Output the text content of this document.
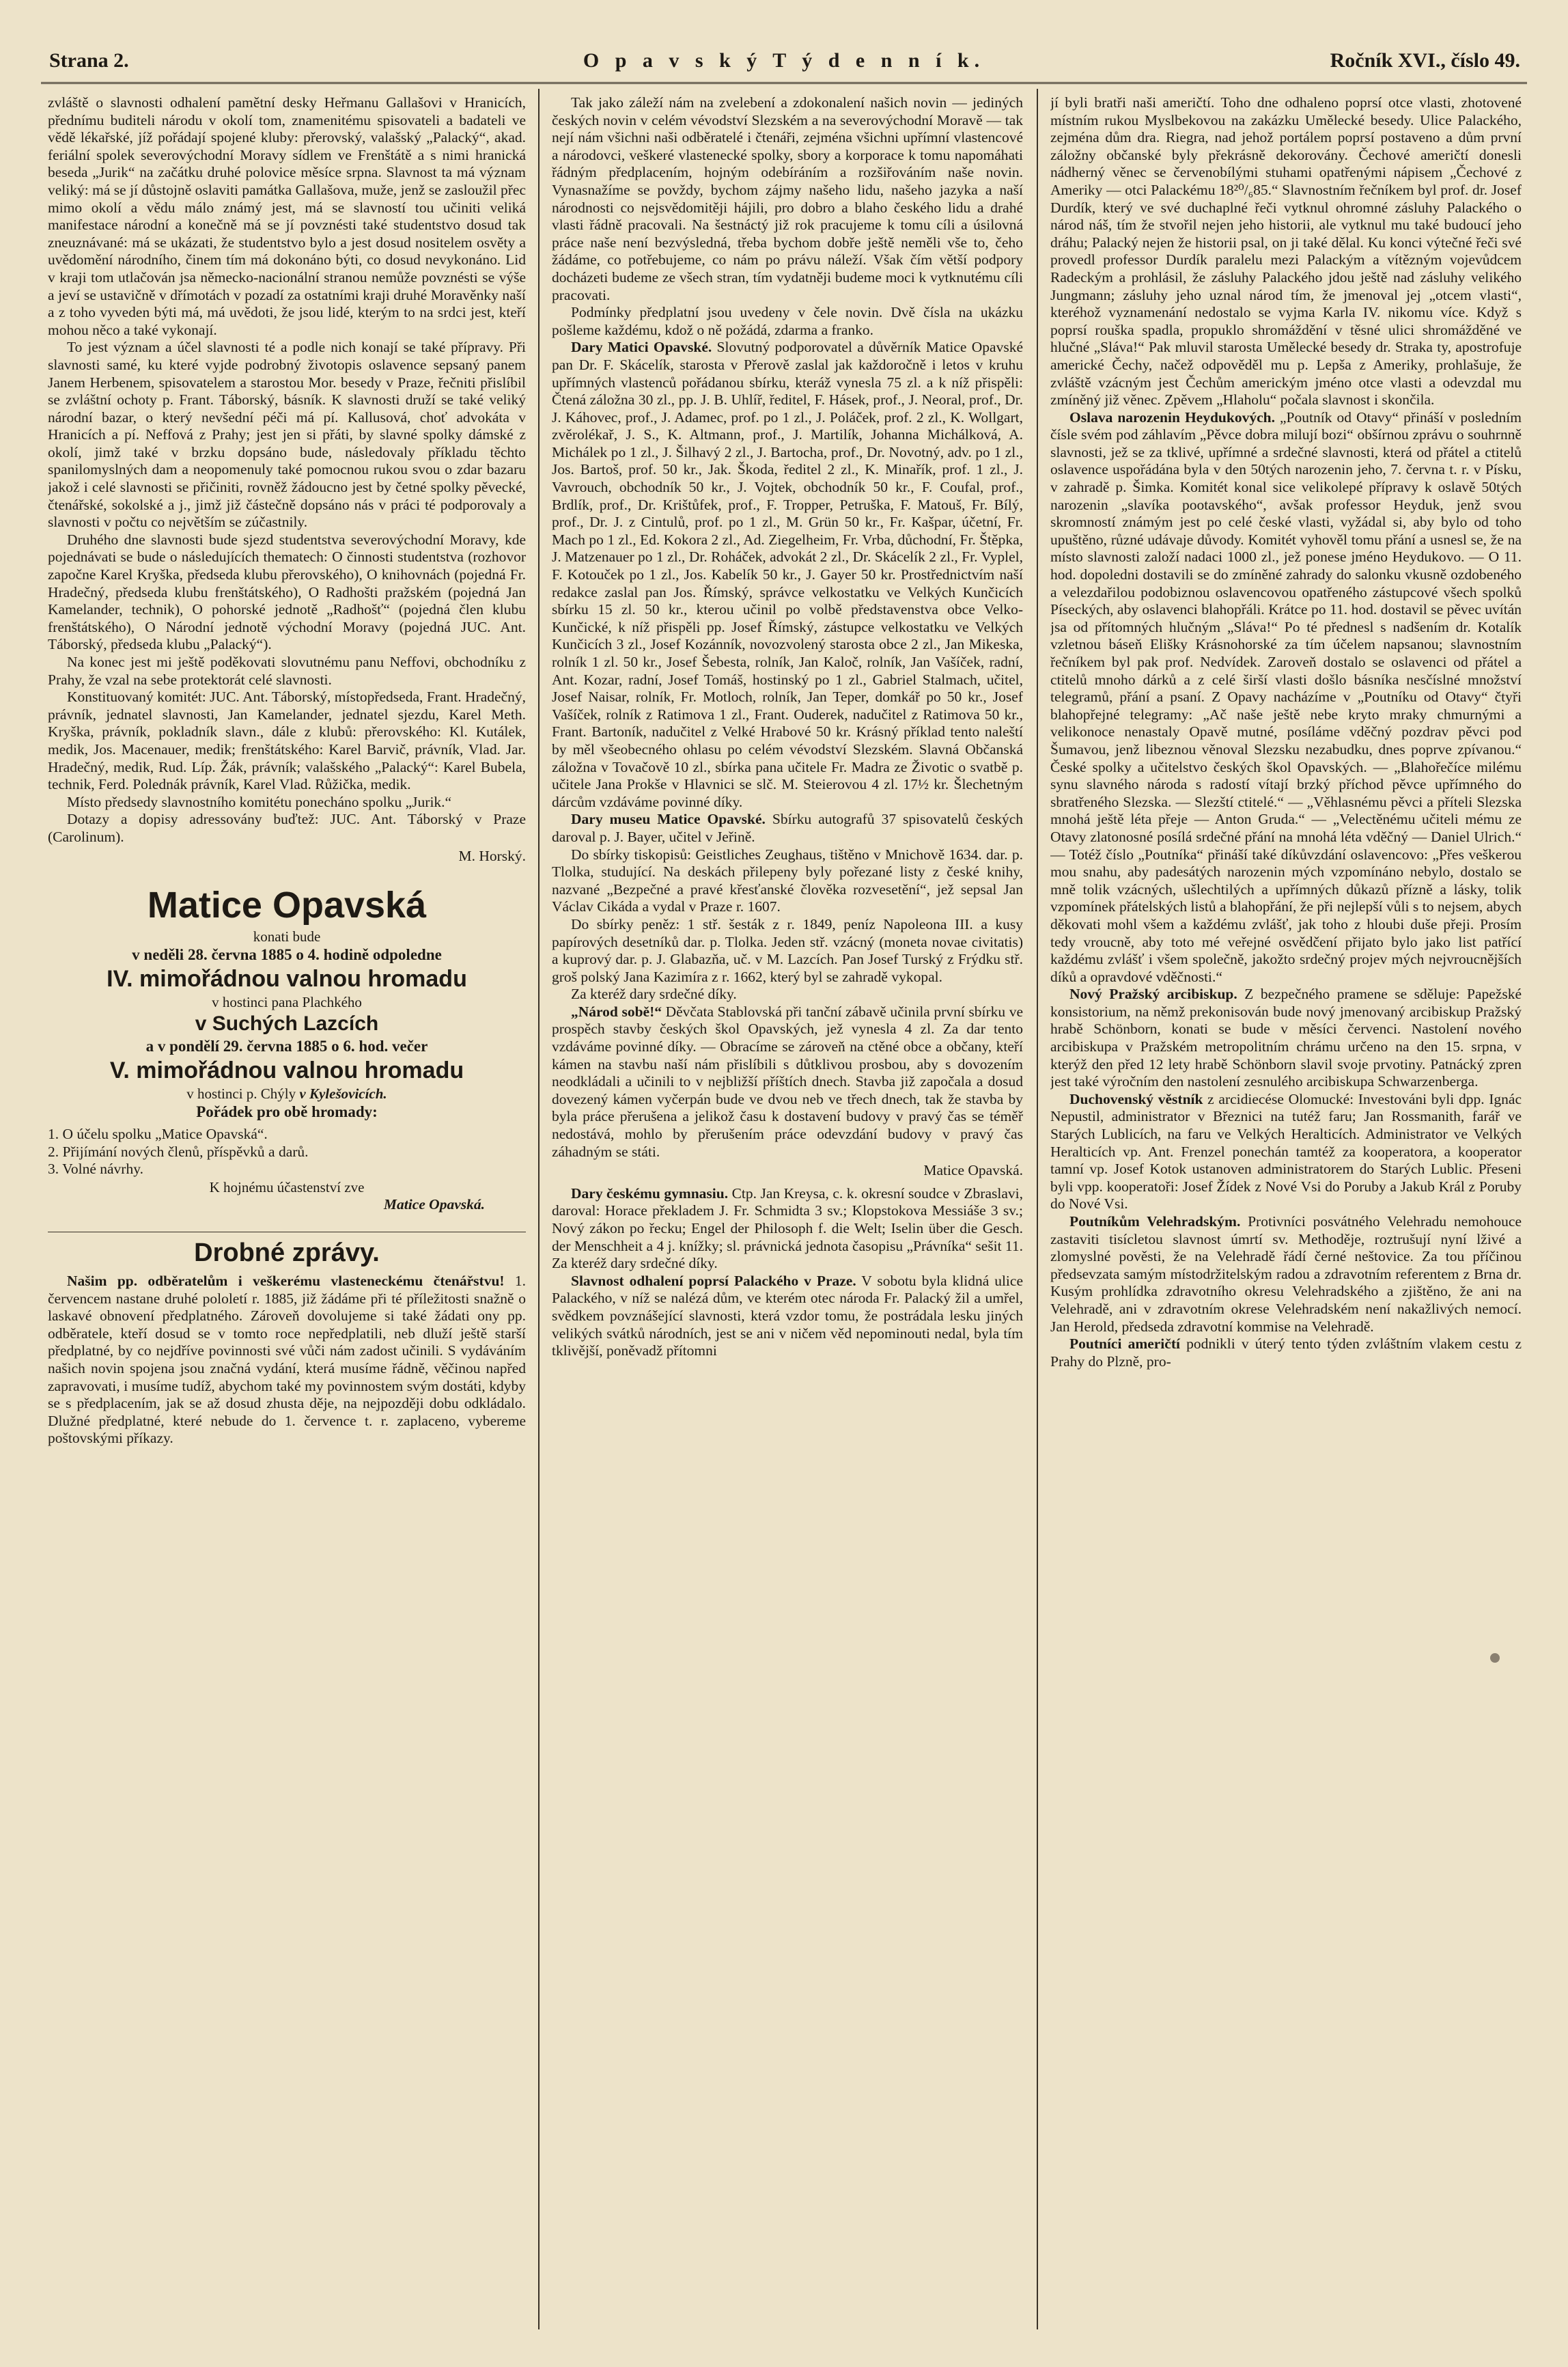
Strana 2.	O p a v s k ý T ý d e n n í k.	Ročník XVI., číslo 49.

zvláště o slavnosti odhalení pamětní desky Heřmanu Gallašovi v Hranicích, přednímu buditeli národu v okolí tom, znamenitému spisovateli a badateli ve vědě lékařské, jíž pořádají spojené kluby: přerovský, valašský „Palacký“, akad. feriální spolek severovýchodní Moravy sídlem ve Frenštátě a s nimi hranická beseda „Jurik“ na začátku druhé polovice měsíce srpna. Slavnost ta má význam veliký: má se jí důstojně oslaviti památka Gallašova, muže, jenž se zasloužil přec mimo okolí a vědu málo známý jest, má se slavností tou učiniti veliká manifestace národní a konečně má se jí povznésti také studentstvo dosud tak zneuznávané: má se ukázati, že studentstvo bylo a jest dosud nositelem osvěty a uvědomění národního, činem tím má dokonáno býti, co dosud nevykonáno. Lid v kraji tom utlačován jsa německo-nacionální stranou nemůže povznésti se výše a jeví se ustavičně v dřímotách v pozadí za ostatními kraji druhé Moravěnky naší a z toho vyveden býti má, má uvědoti, že jsou lidé, kterým to na srdci jest, kteří mohou něco a také vykonají.

To jest význam a účel slavnosti té a podle nich konají se také přípravy. Při slavnosti samé, ku které vyjde podrobný životopis oslavence sepsaný panem Janem Herbenem, spisovatelem a starostou Mor. besedy v Praze, řečniti přislíbil se zvláštní ochoty p. Frant. Táborský, básník. K slavnosti druží se také veliký národní bazar, o který nevšední péči má pí. Kallusová, choť advokáta v Hranicích a pí. Neffová z Prahy; jest jen si přáti, by slavné spolky dámské z okolí, jimž také v brzku dopsáno bude, následovaly příkladu těchto spanilomyslných dam a neopomenuly také pomocnou rukou svou o zdar bazaru jakož i celé slavnosti se přičiniti, rovněž žádoucno jest by četné spolky pěvecké, čtenářské, sokolské a j., jimž již částečně dopsáno nás v práci té podporovaly a slavnosti v počtu co největším se zúčastnily.

Druhého dne slavnosti bude sjezd studentstva severovýchodní Moravy, kde pojednávati se bude o následujících thematech: O činnosti studentstva (rozhovor započne Karel Kryška, předseda klubu přerovského), O knihovnách (pojedná Fr. Hradečný, předseda klubu frenštátského), O Radhošti pražském (pojedná Jan Kamelander, technik), O pohorské jednotě „Radhošť“ (pojedná člen klubu frenštátského), O Národní jednotě východní Moravy (pojedná JUC. Ant. Táborský, předseda klubu „Palacký“).

Na konec jest mi ještě poděkovati slovutnému panu Neffovi, obchodníku z Prahy, že vzal na sebe protektorát celé slavnosti.

Konstituovaný komitét: JUC. Ant. Táborský, místopředseda, Frant. Hradečný, právník, jednatel slavnosti, Jan Kamelander, jednatel sjezdu, Karel Meth. Kryška, právník, pokladník slavn., dále z klubů: přerovského: Kl. Kutálek, medik, Jos. Macenauer, medik; frenštátského: Karel Barvič, právník, Vlad. Jar. Hradečný, medik, Rud. Líp. Žák, právník; valašského „Palacký“: Karel Bubela, technik, Ferd. Polednák právník, Karel Vlad. Růžička, medik.

Místo předsedy slavnostního komitétu ponecháno spolku „Jurik.“

Dotazy a dopisy adressovány buďtež: JUC. Ant. Táborský v Praze (Carolinum).

M. Horský.
Matice Opavská
konati bude
v neděli 28. června 1885 o 4. hodině odpoledne
IV. mimořádnou valnou hromadu
v hostinci pana Plachkého
v Suchých Lazcích
a v pondělí 29. června 1885 o 6. hod. večer
V. mimořádnou valnou hromadu
v hostinci p. Chýly v Kylešovicích.
Pořádek pro obě hromady:
1. O účelu spolku „Matice Opavská“.
2. Přijímání nových členů, příspěvků a darů.
3. Volné návrhy.
K hojnému účastenství zve
Matice Opavská.
Drobné zprávy.

Našim pp. odběratelům i veškerému vlasteneckému čtenářstvu! 1. červencem nastane druhé pololetí r. 1885, již žádáme při té příležitosti snažně o laskavé obnovení předplatného. Zároveň dovolujeme si také žádati ony pp. odběratele, kteří dosud se v tomto roce nepředplatili, neb dluží ještě starší předplatné, by co nejdříve povinnosti své vůči nám zadost učinili. S vydáváním našich novin spojena jsou značná vydání, která musíme řádně, věčinou napřed zapravovati, i musíme tudíž, abychom také my povinnostem svým dostáti, kdyby se s předplacením, jak se až dosud zhusta děje, na nejpozději dobu odkládalo. Dlužné předplatné, které nebude do 1. července t. r. zaplaceno, vybereme poštovskými příkazy.

Tak jako záleží nám na zvelebení a zdokonalení našich novin — jediných českých novin v celém vévodství Slezském a na severovýchodní Moravě — tak nejí nám všichni naši odběratelé i čtenáři, zejména všichni upřímní vlastencové a národovci, veškeré vlastenecké spolky, sbory a korporace k tomu napomáhati řádným předplacením, hojným odebíráním a rozšiřováním naše novin. Vynasnažíme se povždy, bychom zájmy našeho lidu, našeho jazyka a naší národnosti co nejsvědomitěji hájili, pro dobro a blaho českého lidu a drahé vlasti řádně pracovali. Na šestnáctý již rok pracujeme k tomu cíli a úsilovná práce naše není bezvýsledná, třeba bychom dobře ještě neměli vše to, čeho žádáme, co potřebujeme, co nám po právu náleží. Však čím větší podpory docházeti budeme ze všech stran, tím vydatněji budeme moci k vytknutému cíli pracovati.

Podmínky předplatní jsou uvedeny v čele novin. Dvě čísla na ukázku pošleme každému, kdož o ně požádá, zdarma a franko.

Dary Matici Opavské. Slovutný podporovatel a důvěrník Matice Opavské pan Dr. F. Skácelík, starosta v Přerově zaslal jak každoročně i letos v kruhu upřímných vlastenců pořádanou sbírku, kteráž vynesla 75 zl. a k níž přispěli: Čtená záložna 30 zl., pp. J. B. Uhlíř, ředitel, F. Hásek, prof., J. Neoral, prof., Dr. J. Káhovec, prof., J. Adamec, prof. po 1 zl., J. Poláček, prof. 2 zl., K. Wollgart, zvěrolékař, J. S., K. Altmann, prof., J. Martilík, Johanna Michálková, A. Michálek po 1 zl., J. Šilhavý 2 zl., J. Bartocha, prof., Dr. Novotný, adv. po 1 zl., Jos. Bartoš, prof. 50 kr., Jak. Škoda, ředitel 2 zl., K. Minařík, prof. 1 zl., J. Vavrouch, obchodník 50 kr., J. Vojtek, obchodník 50 kr., F. Coufal, prof., Brdlík, prof., Dr. Krištůfek, prof., F. Tropper, Petruška, F. Matouš, Fr. Bílý, prof., Dr. J. z Cintulů, prof. po 1 zl., M. Grün 50 kr., Fr. Kašpar, účetní, Fr. Mach po 1 zl., Ed. Kokora 2 zl., Ad. Ziegelheim, Fr. Vrba, důchodní, Fr. Štěpka, J. Matzenauer po 1 zl., Dr. Roháček, advokát 2 zl., Dr. Skácelík 2 zl., Fr. Vyplel, F. Kotouček po 1 zl., Jos. Kabelík 50 kr., J. Gayer 50 kr. Prostřednictvím naší redakce zaslal pan Jos. Římský, správce velkostatku ve Velkých Kunčicích sbírku 15 zl. 50 kr., kterou učinil po volbě představenstva obce Velko-Kunčické, k níž přispěli pp. Josef Římský, zástupce velkostatku ve Velkých Kunčicích 3 zl., Josef Kozánník, novozvolený starosta obce 2 zl., Jan Mikeska, rolník 1 zl. 50 kr., Josef Šebesta, rolník, Jan Kaloč, rolník, Jan Vašíček, radní, Ant. Kozar, radní, Josef Tomáš, hostinský po 1 zl., Gabriel Stalmach, učitel, Josef Naisar, rolník, Fr. Motloch, rolník, Jan Teper, domkář po 50 kr., Josef Vašíček, rolník z Ratimova 1 zl., Frant. Ouderek, nadučitel z Ratimova 50 kr., Frant. Bartoník, nadučitel z Velké Hrabové 50 kr. Krásný příklad tento naleští by měl všeobecného ohlasu po celém vévodství Slezském. Slavná Občanská záložna v Tovačově 10 zl., sbírka pana učitele Fr. Madra ze Životic o svatbě p. učitele Jana Prokše v Hlavnici se slč. M. Steierovou 4 zl. 17½ kr. Šlechetným dárcům vzdáváme povinné díky.

Dary museu Matice Opavské. Sbírku autografů 37 spisovatelů českých daroval p. J. Bayer, učitel v Jeřině.

Do sbírky tiskopisů: Geistliches Zeughaus, tištěno v Mnichově 1634. dar. p. Tlolka, studující. Na deskách přilepeny byly pořezané listy z české knihy, nazvané „Bezpečné a pravé křesťanské člověka rozvesetění“, jež sepsal Jan Václav Cikáda a vydal v Praze r. 1607.

Do sbírky peněz: 1 stř. šesták z r. 1849, peníz Napoleona III. a kusy papírových desetníků dar. p. Tlolka. Jeden stř. vzácný (moneta novae civitatis) a kuprový dar. p. J. Glabazňa, uč. v M. Lazcích. Pan Josef Turský z Frýdku stř. groš polský Jana Kazimíra z r. 1662, který byl se zahradě vykopal.

Za kteréž dary srdečné díky.

„Národ sobě!“ Děvčata Stablovská při tanční zábavě učinila první sbírku ve prospěch stavby českých škol Opavských, jež vynesla 4 zl. Za dar tento vzdáváme povinné díky. — Obracíme se zároveň na ctěné obce a občany, kteří kámen na stavbu naší nám přislíbili s důtklivou prosbou, aby s dovozením neodkládali a učinili to v nejbližší příštích dnech. Stavba již započala a dosud dovezený kámen vyčerpán bude ve dvou neb ve třech dnech, tak že stavba by byla práce přerušena a jelikož času k dostavení budovy v pravý čas se téměř nedostává, mohlo by přerušením práce odevzdání budovy v pravý čas záhadným se státi.

Matice Opavská.

Dary českému gymnasiu. Ctp. Jan Kreysa, c. k. okresní soudce v Zbraslavi, daroval: Horace překladem J. Fr. Schmidta 3 sv.; Klopstokova Messiáše 3 sv.; Nový zákon po řecku; Engel der Philosoph f. die Welt; Iselin über die Gesch. der Menschheit a 4 j. knížky; sl. právnická jednota časopisu „Právníka“ sešit 11. Za kteréž dary srdečné díky.

Slavnost odhalení poprsí Palackého v Praze. V sobotu byla klidná ulice Palackého, v níž se nalézá dům, ve kterém otec národa Fr. Palacký žil a umřel, svědkem povznášející slavnosti, která vzdor tomu, že postrádala lesku jiných velikých svátků národních, jest se ani v ničem věd nepominouti nedal, byla tím tklivější, poněvadž přítomni

jí byli bratři naši američtí. Toho dne odhaleno poprsí otce vlasti, zhotovené místním rukou Myslbekovou na zakázku Umělecké besedy. Ulice Palackého, zejména dům dra. Riegra, nad jehož portálem poprsí postaveno a dům první záložny občanské byly překrásně dekorovány. Čechové američtí donesli nádherný věnec se červenobílými stuhami opatřenými nápisem „Čechové z Ameriky — otci Palackému 18²⁰/₆85.“ Slavnostním řečníkem byl prof. dr. Josef Durdík, který ve své duchaplné řeči vytknul ohromné zásluhy Palackého o národ náš, tím že stvořil nejen jeho historii, ale vytknul mu také budoucí jeho dráhu; Palacký nejen že historii psal, on ji také dělal. Ku konci výtečné řeči své provedl professor Durdík paralelu mezi Palackým a vítězným vojevůdcem Radeckým a prohlásil, že zásluhy Palackého jdou ještě nad zásluhy velikého Jungmann; zásluhy jeho uznal národ tím, že jmenoval jej „otcem vlasti“, kteréhož vyznamenání nedostalo se vyjma Karla IV. nikomu více. Když s poprsí rouška spadla, propuklo shromáždění v těsné ulici shromážděné ve hlučné „Sláva!“ Pak mluvil starosta Umělecké besedy dr. Straka ty, apostrofuje americké Čechy, načež odpověděl mu p. Lepša z Ameriky, prohlašuje, že zvláště vzácným jest Čechům americkým jméno otce vlasti a odevzdal mu zmíněný již věnec. Zpěvem „Hlaholu“ počala slavnost i skončila.

Oslava narozenin Heydukových. „Poutník od Otavy“ přináší v posledním čísle svém pod záhlavím „Pěvce dobra milují bozi“ obšírnou zprávu o souhrnně slavnosti, jež se za tklivé, upřímné a srdečné slavnosti, která od přátel a ctitelů oslavence uspořádána byla v den 50tých narozenin jeho, 7. června t. r. v Písku, v zahradě p. Šimka. Komitét konal sice velikolepé přípravy k oslavě 50tých narozenin „slavíka pootavského“, avšak professor Heyduk, jenž svou skromností známým jest po celé české vlasti, vyžádal si, aby bylo od toho upuštěno, různé udávaje důvody. Komitét vyhověl tomu přání a usnesl se, že na místo slavnosti založí nadaci 1000 zl., jež ponese jméno Heydukovo. — O 11. hod. dopoledni dostavili se do zmíněné zahrady do salonku vkusně ozdobeného a velezdařilou podobiznou oslavencovou opatřeného zástupcové všech spolků Píseckých, aby oslavenci blahopřáli. Krátce po 11. hod. dostavil se pěvec uvítán jsa od přítomných hlučným „Sláva!“ Po té přednesl s nadšením dr. Kotalík vzletnou báseň Elišky Krásnohorské za tím účelem napsanou; slavnostním řečníkem byl pak prof. Nedvídek. Zaroveň dostalo se oslavenci od přátel a ctitelů mnoho dárků a z celé širší vlasti došlo básníka nesčíslné množství telegramů, přání a psaní. Z Opavy nacházíme v „Poutníku od Otavy“ čtyři blahopřejné telegramy: „Ač naše ještě nebe kryto mraky chmurnými a velikonoce nenastaly Opavě mutné, posíláme vděčný pozdrav pěvci pod Šumavou, jenž libeznou věnoval Slezsku nezabudku, dnes poprve zpívanou.“ České spolky a učitelstvo českých škol Opavských. — „Blahořečíce milému synu slavného národa s radostí vítají brzký příchod pěvce upřímného do sbratřeného Slezska. — Slezští ctitelé.“ — „Věhlasnému pěvci a příteli Slezska mnohá ještě léta přeje — Anton Gruda.“ — „Velectěnému učiteli mému ze Otavy zlatonosné posílá srdečné přání na mnohá léta vděčný — Daniel Ulrich.“ — Totéž číslo „Poutníka“ přináší také díkůvzdání oslavencovo: „Přes veškerou mou snahu, aby padesátých narozenin mých vzpomínáno nebylo, dostalo se mně tolik vzácných, ušlechtilých a upřímných důkazů přízně a lásky, tolik vzpomínek přátelských listů a blahopřání, že při nejlepší vůli s to nejsem, abych děkovati mohl všem a každému zvlášť, jak toho z hloubi duše přeji. Prosím tedy vroucně, aby toto mé veřejné osvědčení přijato bylo jako list patřící každému zvlášť i všem společně, jakožto srdečný projev mých nejvroucnějších díků a opravdové vděčnosti.“

Nový Pražský arcibiskup. Z bezpečného pramene se sděluje: Papežské konsistorium, na němž prekonisován bude nový jmenovaný arcibiskup Pražský hrabě Schönborn, konati se bude v měsíci červenci. Nastolení nového arcibiskupa v Pražském metropolitním chrámu určeno na den 15. srpna, v kterýž den před 12 lety hrabě Schönborn slavil svoje prvotiny. Patnácký zpren jest také výročním den nastolení zesnulého arcibiskupa Schwarzenberga.

Duchovenský věstník z arcidiecése Olomucké: Investováni byli dpp. Ignác Nepustil, administrator v Březnici na tutéž faru; Jan Rossmanith, farář ve Starých Lublicích, na faru ve Velkých Heralticích. Administrator ve Velkých Heralticích vp. Ant. Frenzel ponechán tamtéž za kooperatora, a kooperator tamní vp. Josef Kotok ustanoven administratorem do Starých Lublic. Přeseni byli vpp. kooperatoři: Josef Žídek z Nové Vsi do Poruby a Jakub Král z Poruby do Nové Vsi.

Poutníkům Velehradským. Protivníci posvátného Velehradu nemohouce zastaviti tisícletou slavnost úmrtí sv. Methoděje, roztrušují nyní lživé a zlomyslné pověsti, že na Velehradě řádí černé neštovice. Za tou příčinou předsevzata samým místodržitelským radou a zdravotním referentem z Brna dr. Kusým prohlídka zdravotního okresu Velehradského a zjištěno, že ani na Velehradě, ani v zdravotním okrese Velehradském není nakažlivých nemocí. Jan Herold, předseda zdravotní kommise na Velehradě.

Poutníci američtí podnikli v úterý tento týden zvláštním vlakem cestu z Prahy do Plzně, pro-
